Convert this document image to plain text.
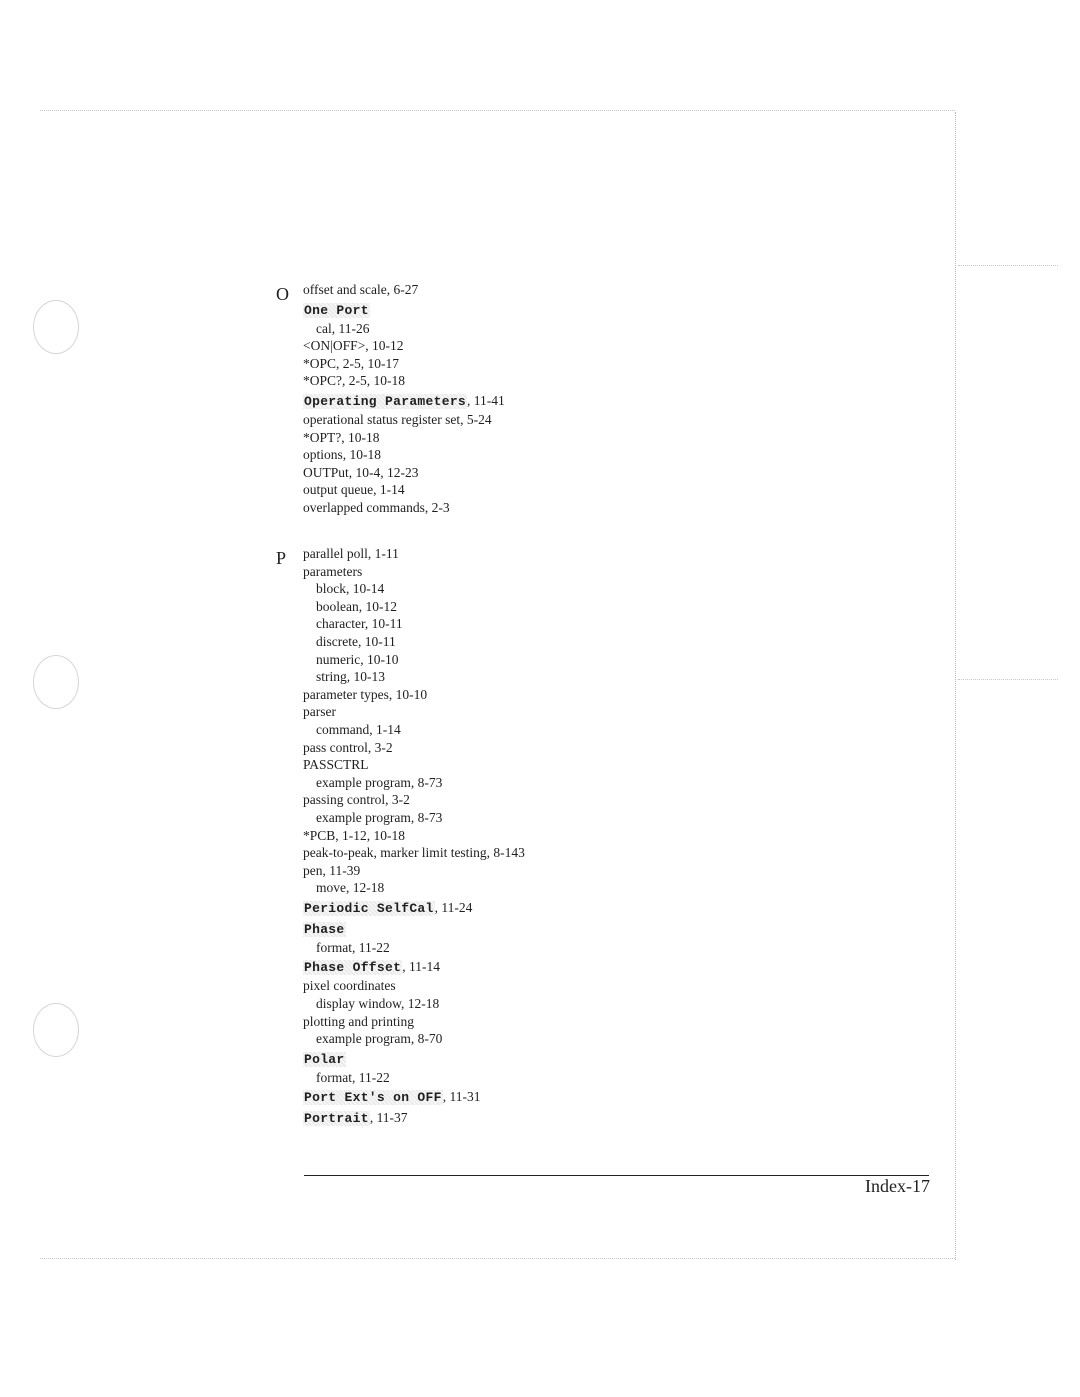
O offset and scale, 6-27
One Port
cal, 11-26
<ON|OFF>, 10-12
*OPC, 2-5, 10-17
*OPC?, 2-5, 10-18
Operating Parameters, 11-41
operational status register set, 5-24
*OPT?, 10-18
options, 10-18
OUTPut, 10-4, 12-23
output queue, 1-14
overlapped commands, 2-3
P parallel poll, 1-11
parameters
block, 10-14
boolean, 10-12
character, 10-11
discrete, 10-11
numeric, 10-10
string, 10-13
parameter types, 10-10
parser
command, 1-14
pass control, 3-2
PASSCTRL
example program, 8-73
passing control, 3-2
example program, 8-73
*PCB, 1-12, 10-18
peak-to-peak, marker limit testing, 8-143
pen, 11-39
move, 12-18
Periodic SelfCal, 11-24
Phase
format, 11-22
Phase Offset, 11-14
pixel coordinates
display window, 12-18
plotting and printing
example program, 8-70
Polar
format, 11-22
Port Ext's on OFF, 11-31
Portrait, 11-37
Index-17
